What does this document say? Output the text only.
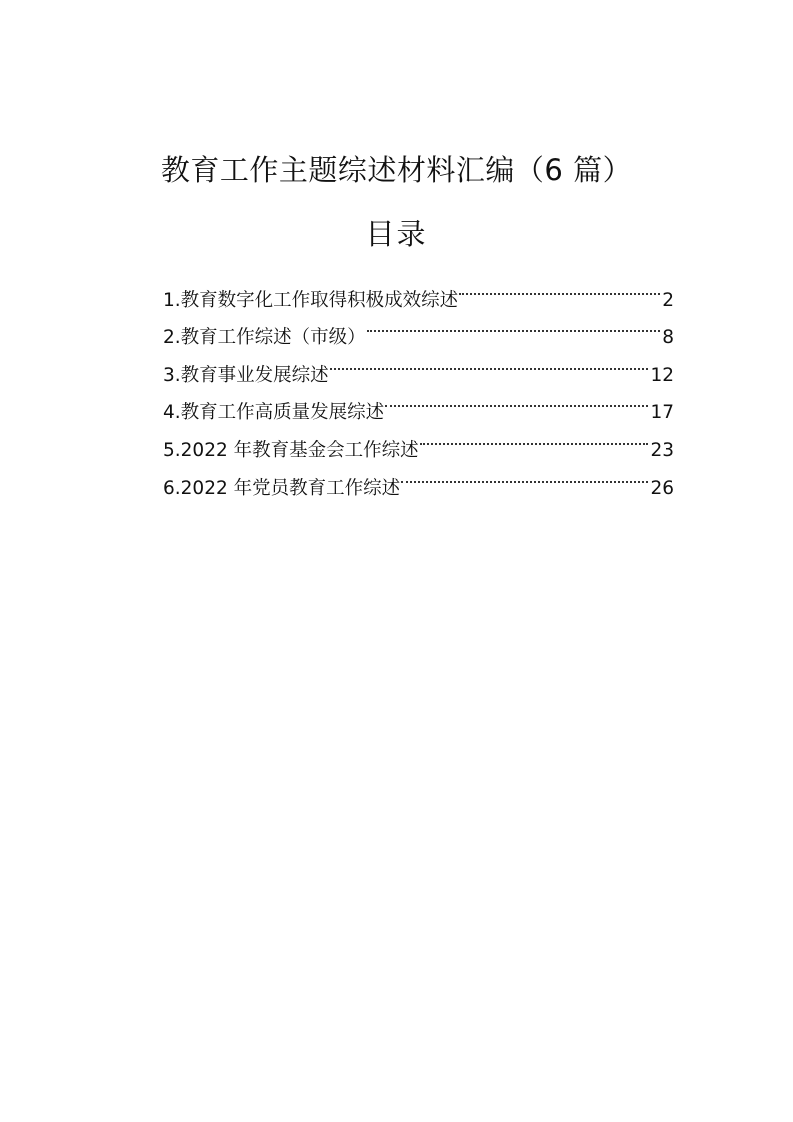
教育工作主题综述材料汇编（6 篇）
目录
1. 教育数字化工作取得积极成效综述	2
2. 教育工作综述（市级）	8
3. 教育事业发展综述	12
4. 教育工作高质量发展综述	17
5. 2022 年教育基金会工作综述	23
6. 2022 年党员教育工作综述	26
